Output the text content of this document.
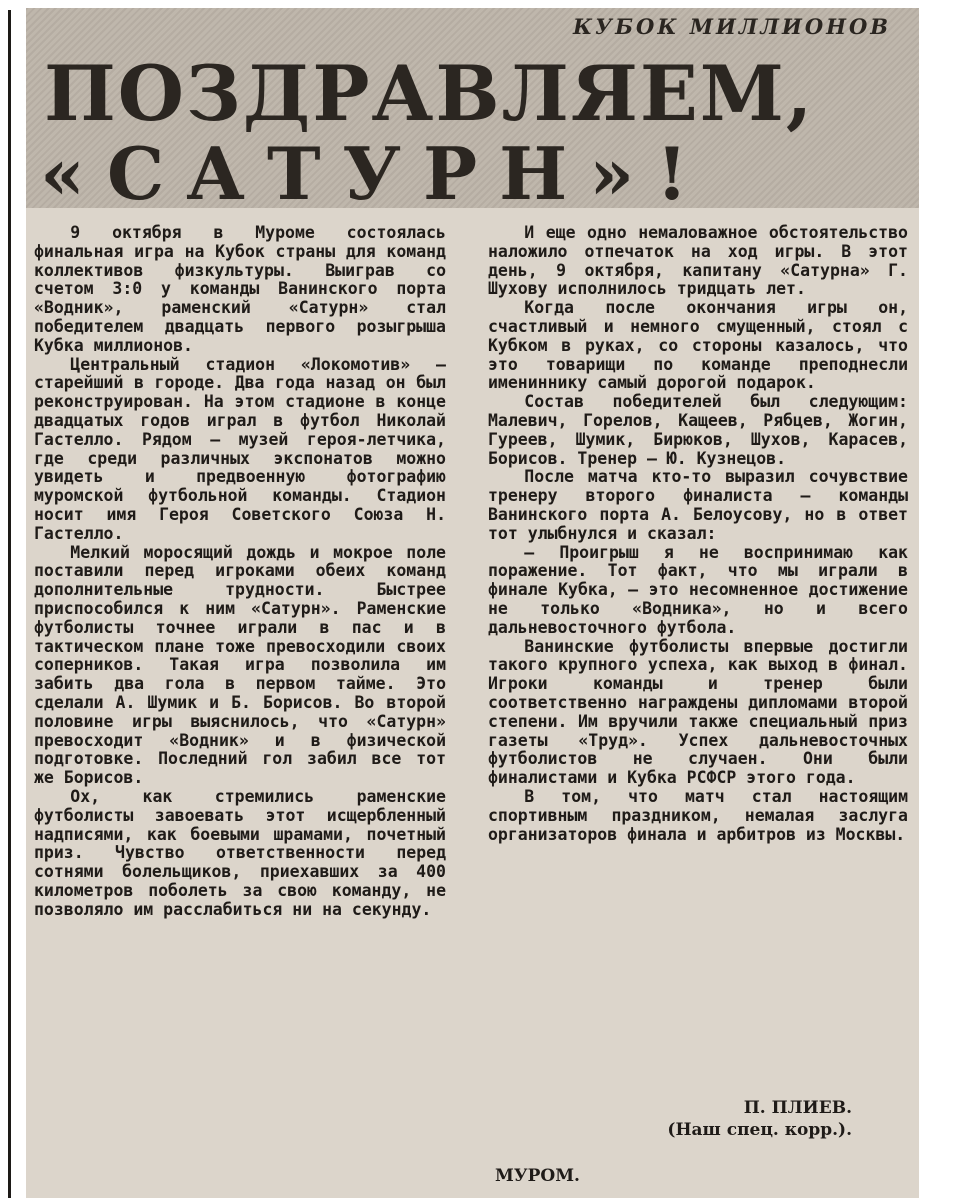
КУБОК МИЛЛИОНОВ
ПОЗДРАВЛЯЕМ,
«САТУРН»!

9 октября в Муроме состоялась финальная игра на Кубок страны для команд коллективов физкультуры. Выиграв со счетом 3:0 у команды Ванинского порта «Водник», раменский «Сатурн» стал победителем двадцать первого розыгрыша Кубка миллионов.

Центральный стадион «Локомотив» — старейший в городе. Два года назад он был реконструирован. На этом стадионе в конце двадцатых годов играл в футбол Николай Гастелло. Рядом — музей героя-летчика, где среди различных экспонатов можно увидеть и предвоенную фотографию муромской футбольной команды. Стадион носит имя Героя Советского Союза Н. Гастелло.

Мелкий моросящий дождь и мокрое поле поставили перед игроками обеих команд дополнительные трудности. Быстрее приспособился к ним «Сатурн». Раменские футболисты точнее играли в пас и в тактическом плане тоже превосходили своих соперников. Такая игра позволила им забить два гола в первом тайме. Это сделали А. Шумик и Б. Борисов. Во второй половине игры выяснилось, что «Сатурн» превосходит «Водник» и в физической подготовке. Последний гол забил все тот же Борисов.

Ох, как стремились раменские футболисты завоевать этот исщербленный надписями, как боевыми шрамами, почетный приз. Чувство ответственности перед сотнями болельщиков, приехавших за 400 километров поболеть за свою команду, не позволяло им расслабиться ни на секунду.

И еще одно немаловажное обстоятельство наложило отпечаток на ход игры. В этот день, 9 октября, капитану «Сатурна» Г. Шухову исполнилось тридцать лет.

Когда после окончания игры он, счастливый и немного смущенный, стоял с Кубком в руках, со стороны казалось, что это товарищи по команде преподнесли имениннику самый дорогой подарок.

Состав победителей был следующим: Малевич, Горелов, Кащеев, Рябцев, Жогин, Гуреев, Шумик, Бирюков, Шухов, Карасев, Борисов. Тренер — Ю. Кузнецов.

После матча кто-то выразил сочувствие тренеру второго финалиста — команды Ванинского порта А. Белоусову, но в ответ тот улыбнулся и сказал:

— Проигрыш я не воспринимаю как поражение. Тот факт, что мы играли в финале Кубка, — это несомненное достижение не только «Водника», но и всего дальневосточного футбола.

Ванинские футболисты впервые достигли такого крупного успеха, как выход в финал. Игроки команды и тренер были соответственно награждены дипломами второй степени. Им вручили также специальный приз газеты «Труд». Успех дальневосточных футболистов не случаен. Они были финалистами и Кубка РСФСР этого года.

В том, что матч стал настоящим спортивным праздником, немалая заслуга организаторов финала и арбитров из Москвы.

П. ПЛИЕВ.
(Наш спец. корр.).
МУРОМ.
